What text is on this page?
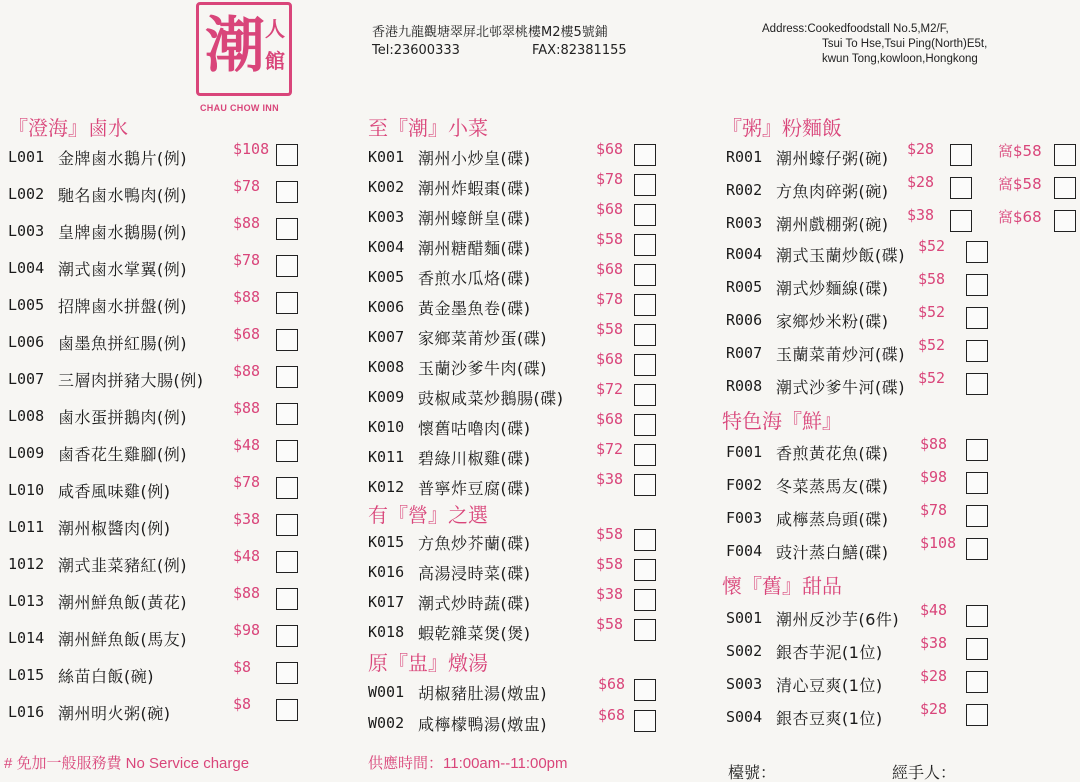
潮 人
館
CHAU CHOW INN
香港九龍觀塘翠屏北邨翠桃樓M2樓5號鋪
Tel:23600333	FAX:82381155
Address:Cookedfoodstall No.5,M2/F,
Tsui To Hse,Tsui Ping(North)E5t,
kwun Tong,kowloon,Hongkong
『澄海』鹵水	至『潮』小菜
有『營』之選
原『盅』燉湯
『粥』粉麵飯
特色海『鮮』
懷『舊』甜品
L001 金牌鹵水鵝片(例)	$108
L002 馳名鹵水鴨肉(例)	$78
L003 皇牌鹵水鵝腸(例)	$88
L004 潮式鹵水掌翼(例)	$78
L005 招牌鹵水拼盤(例)	$88
L006 鹵墨魚拼紅腸(例)	$68
L007 三層肉拼豬大腸(例) $88
L008 鹵水蛋拼鵝肉(例)	$88
L009 鹵香花生雞腳(例)	$48
L010 咸香風味雞(例)	$78
L011 潮州椒醬肉(例)	$38
1012 潮式韭菜豬紅(例)	$48
L013 潮州鮮魚飯(黃花)	$88
L014 潮州鮮魚飯(馬友)	$98
L015 絲苗白飯(碗)	$8
L016 潮州明火粥(碗)	$8
K001 潮州小炒皇(碟)	$68
K002 潮州炸蝦棗(碟)	$78
K003 潮州蠔餅皇(碟)	$68
K004 潮州糖醋麵(碟)	$58
K005 香煎水瓜烙(碟)	$68
K006 黃金墨魚卷(碟)	$78
K007 家鄉菜莆炒蛋(碟)	$58
K008 玉蘭沙爹牛肉(碟)	$68
K009 豉椒咸菜炒鵝腸(碟) $72
K010 懷舊咕嚕肉(碟)	$68
K011 碧綠川椒雞(碟)	$72
K012 普寧炸豆腐(碟)	$38
K015 方魚炒芥蘭(碟)	$58
K016 高湯浸時菜(碟)	$58
K017 潮式炒時蔬(碟)	$38
K018 蝦乾雜菜煲(煲)	$58
W001 胡椒豬肚湯(燉盅)	$68
W002 咸檸檬鴨湯(燉盅)	$68
R001 潮州蠔仔粥(碗) $28	窩$58
R002 方魚肉碎粥(碗) $28	窩$58
R003 潮州戲棚粥(碗) $38	窩$68
R004 潮式玉蘭炒飯(碟) $52
R005 潮式炒麵線(碟) $58
R006 家鄉炒米粉(碟) $52
R007 玉蘭菜莆炒河(碟) $52
R008 潮式沙爹牛河(碟) $52
F001 香煎黃花魚(碟) $88
F002 冬菜蒸馬友(碟) $98
F003 咸檸蒸烏頭(碟) $78
F004 豉汁蒸白鱔(碟) $108
S001 潮州反沙芋(6件) $48
S002 銀杏芋泥(1位) $38
S003 清心豆爽(1位) $28
S004 銀杏豆爽(1位) $28
# 免加一般服務費 No Service charge	供應時間：11:00am--11:00pm	檯號：	經手人：
